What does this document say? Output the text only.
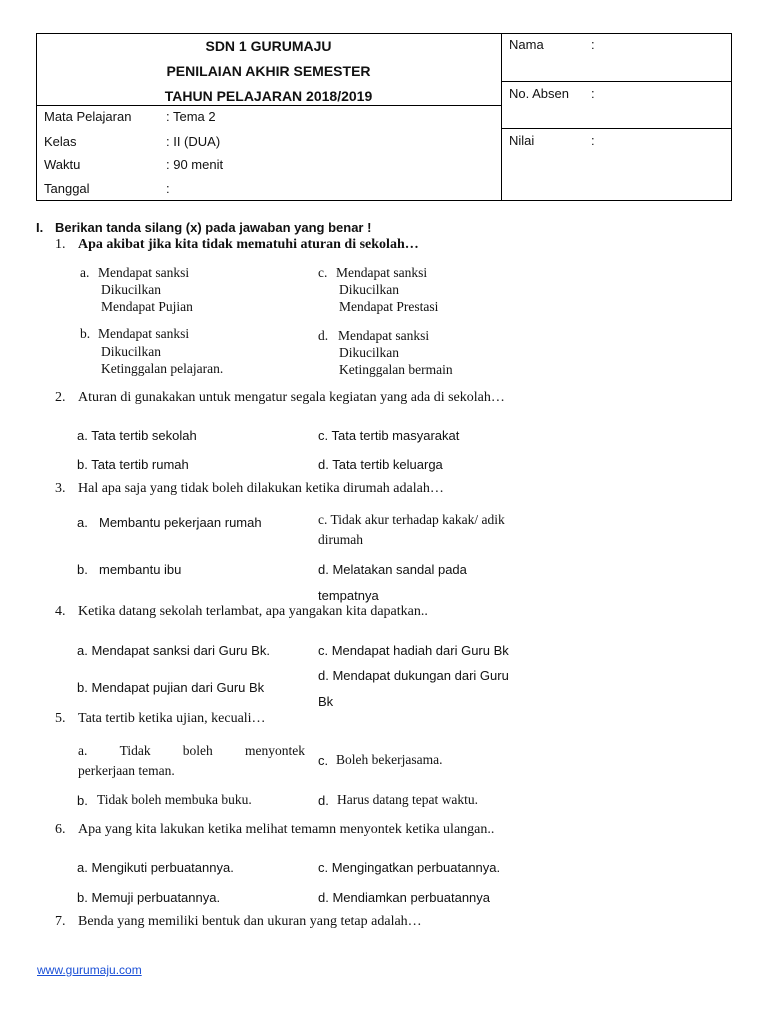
SDN 1 GURUMAJU
PENILAIAN AKHIR SEMESTER
TAHUN PELAJARAN 2018/2019
Mata Pelajaran	: Tema 2
Kelas	: II (DUA)
Waktu	: 90 menit
Tanggal	:
Nama	:
No. Absen :
Nilai	:
I. Berikan tanda silang (x) pada jawaban yang benar !
1. Apa akibat jika kita tidak mematuhi aturan di sekolah…
a. Mendapat sanksi
Dikucilkan
Mendapat Pujian
b. Mendapat sanksi
Dikucilkan
Ketinggalan pelajaran.
c. Mendapat sanksi
Dikucilkan
Mendapat Prestasi
d. Mendapat sanksi
Dikucilkan
Ketinggalan bermain
2. Aturan di gunakakan untuk mengatur segala kegiatan yang ada di sekolah…
a. Tata tertib sekolah
b. Tata tertib rumah
c. Tata tertib masyarakat
d. Tata tertib keluarga
3. Hal apa saja yang tidak boleh dilakukan ketika dirumah adalah…
a. Membantu pekerjaan rumah
b. membantu ibu
c. Tidak akur terhadap kakak/ adik
dirumah
d. Melatakan sandal pada
tempatnya
4. Ketika datang sekolah terlambat, apa yangakan kita dapatkan..
a. Mendapat sanksi dari Guru Bk.
b. Mendapat pujian dari Guru Bk
c. Mendapat hadiah dari Guru Bk
d. Mendapat dukungan dari Guru
Bk
5. Tata tertib ketika ujian, kecuali…
a. Tidak boleh menyontek
perkerjaan teman.
c. Boleh bekerjasama.
b. Tidak boleh membuka buku.	d. Harus datang tepat waktu.
6. Apa yang kita lakukan ketika melihat temamn menyontek ketika ulangan..
a. Mengikuti perbuatannya.
b. Memuji perbuatannya.
c. Mengingatkan perbuatannya.
d. Mendiamkan perbuatannya
7. Benda yang memiliki bentuk dan ukuran yang tetap adalah…
www.gurumaju.com
